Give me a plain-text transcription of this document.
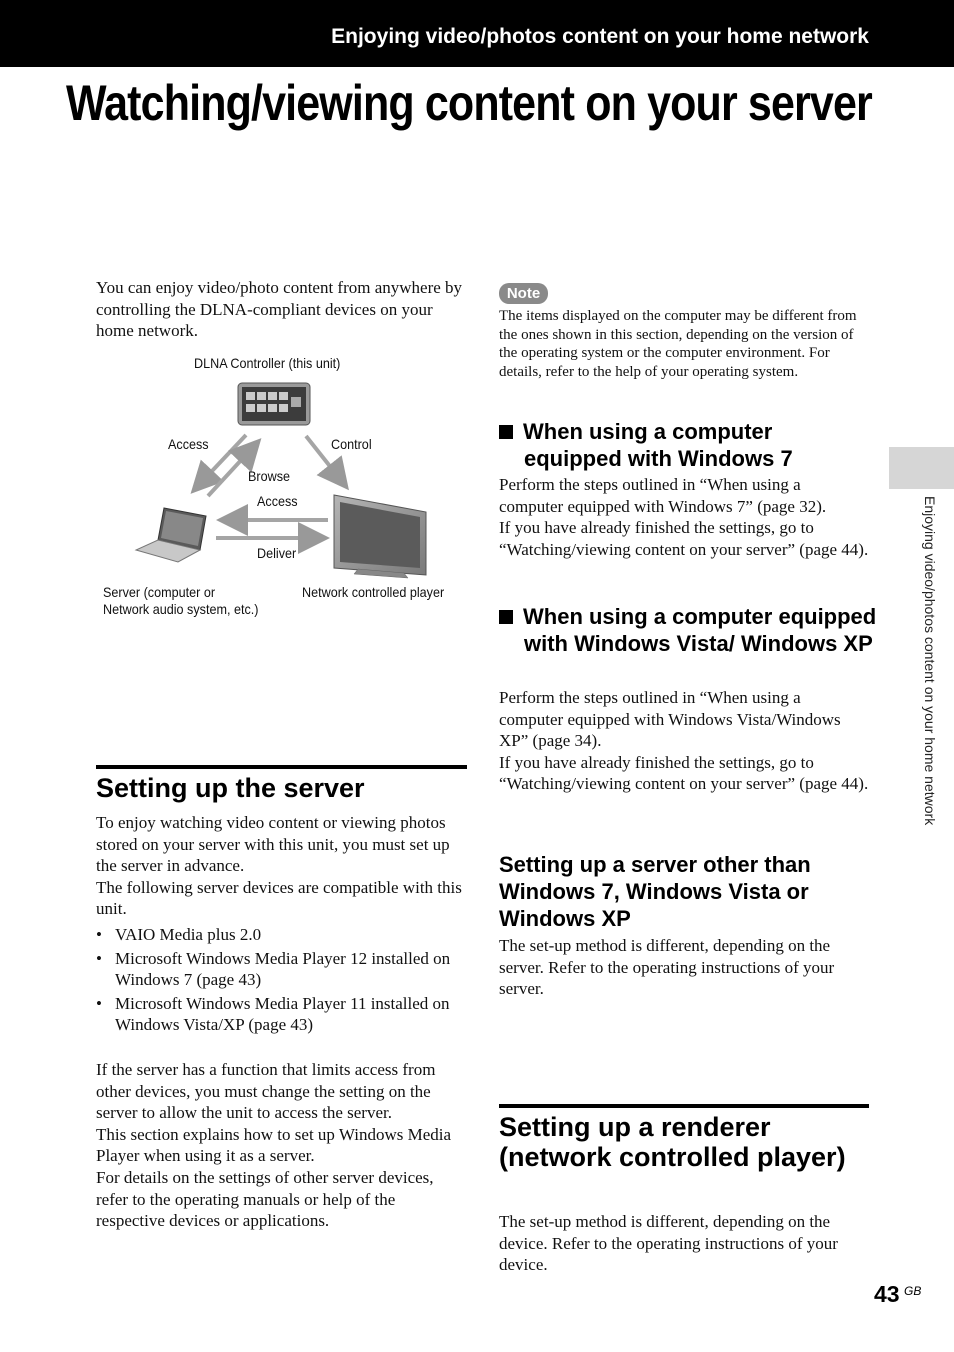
Enjoying video/photos content on your home network
Watching/viewing content on your server
Enjoying video/photos content on your home network

You can enjoy video/photo content from anywhere by controlling the DLNA-compliant devices on your home network.

DLNA Controller (this unit)
Access	Control
Browse
Access
Deliver
Server (computer or
Network audio system, etc.)
Network controlled player
Setting up the server

To enjoy watching video content or viewing photos stored on your server with this unit, you must set up the server in advance.

The following server devices are compatible with this unit.

• VAIO Media plus 2.0
• Microsoft Windows Media Player 12 installed on Windows 7 (page 43)
• Microsoft Windows Media Player 11 installed on Windows Vista/XP (page 43)

If the server has a function that limits access from other devices, you must change the setting on the server to allow the unit to access the server.

This section explains how to set up Windows Media Player when using it as a server.

For details on the settings of other server devices, refer to the operating manuals or help of the respective devices or applications.

Note

The items displayed on the computer may be different from the ones shown in this section, depending on the version of the operating system or the computer environment. For details, refer to the help of your operating system.

When using a computer equipped with Windows 7

Perform the steps outlined in “When using a computer equipped with Windows 7” (page 32).

If you have already finished the settings, go to “Watching/viewing content on your server” (page 44).

When using a computer equipped with Windows Vista/ Windows XP

Perform the steps outlined in “When using a computer equipped with Windows Vista/Windows XP” (page 34).

If you have already finished the settings, go to “Watching/viewing content on your server” (page 44).

Setting up a server other than Windows 7, Windows Vista or Windows XP

The set-up method is different, depending on the server. Refer to the operating instructions of your server.

Setting up a renderer (network controlled player)

The set-up method is different, depending on the device. Refer to the operating instructions of your device.

43 GB
